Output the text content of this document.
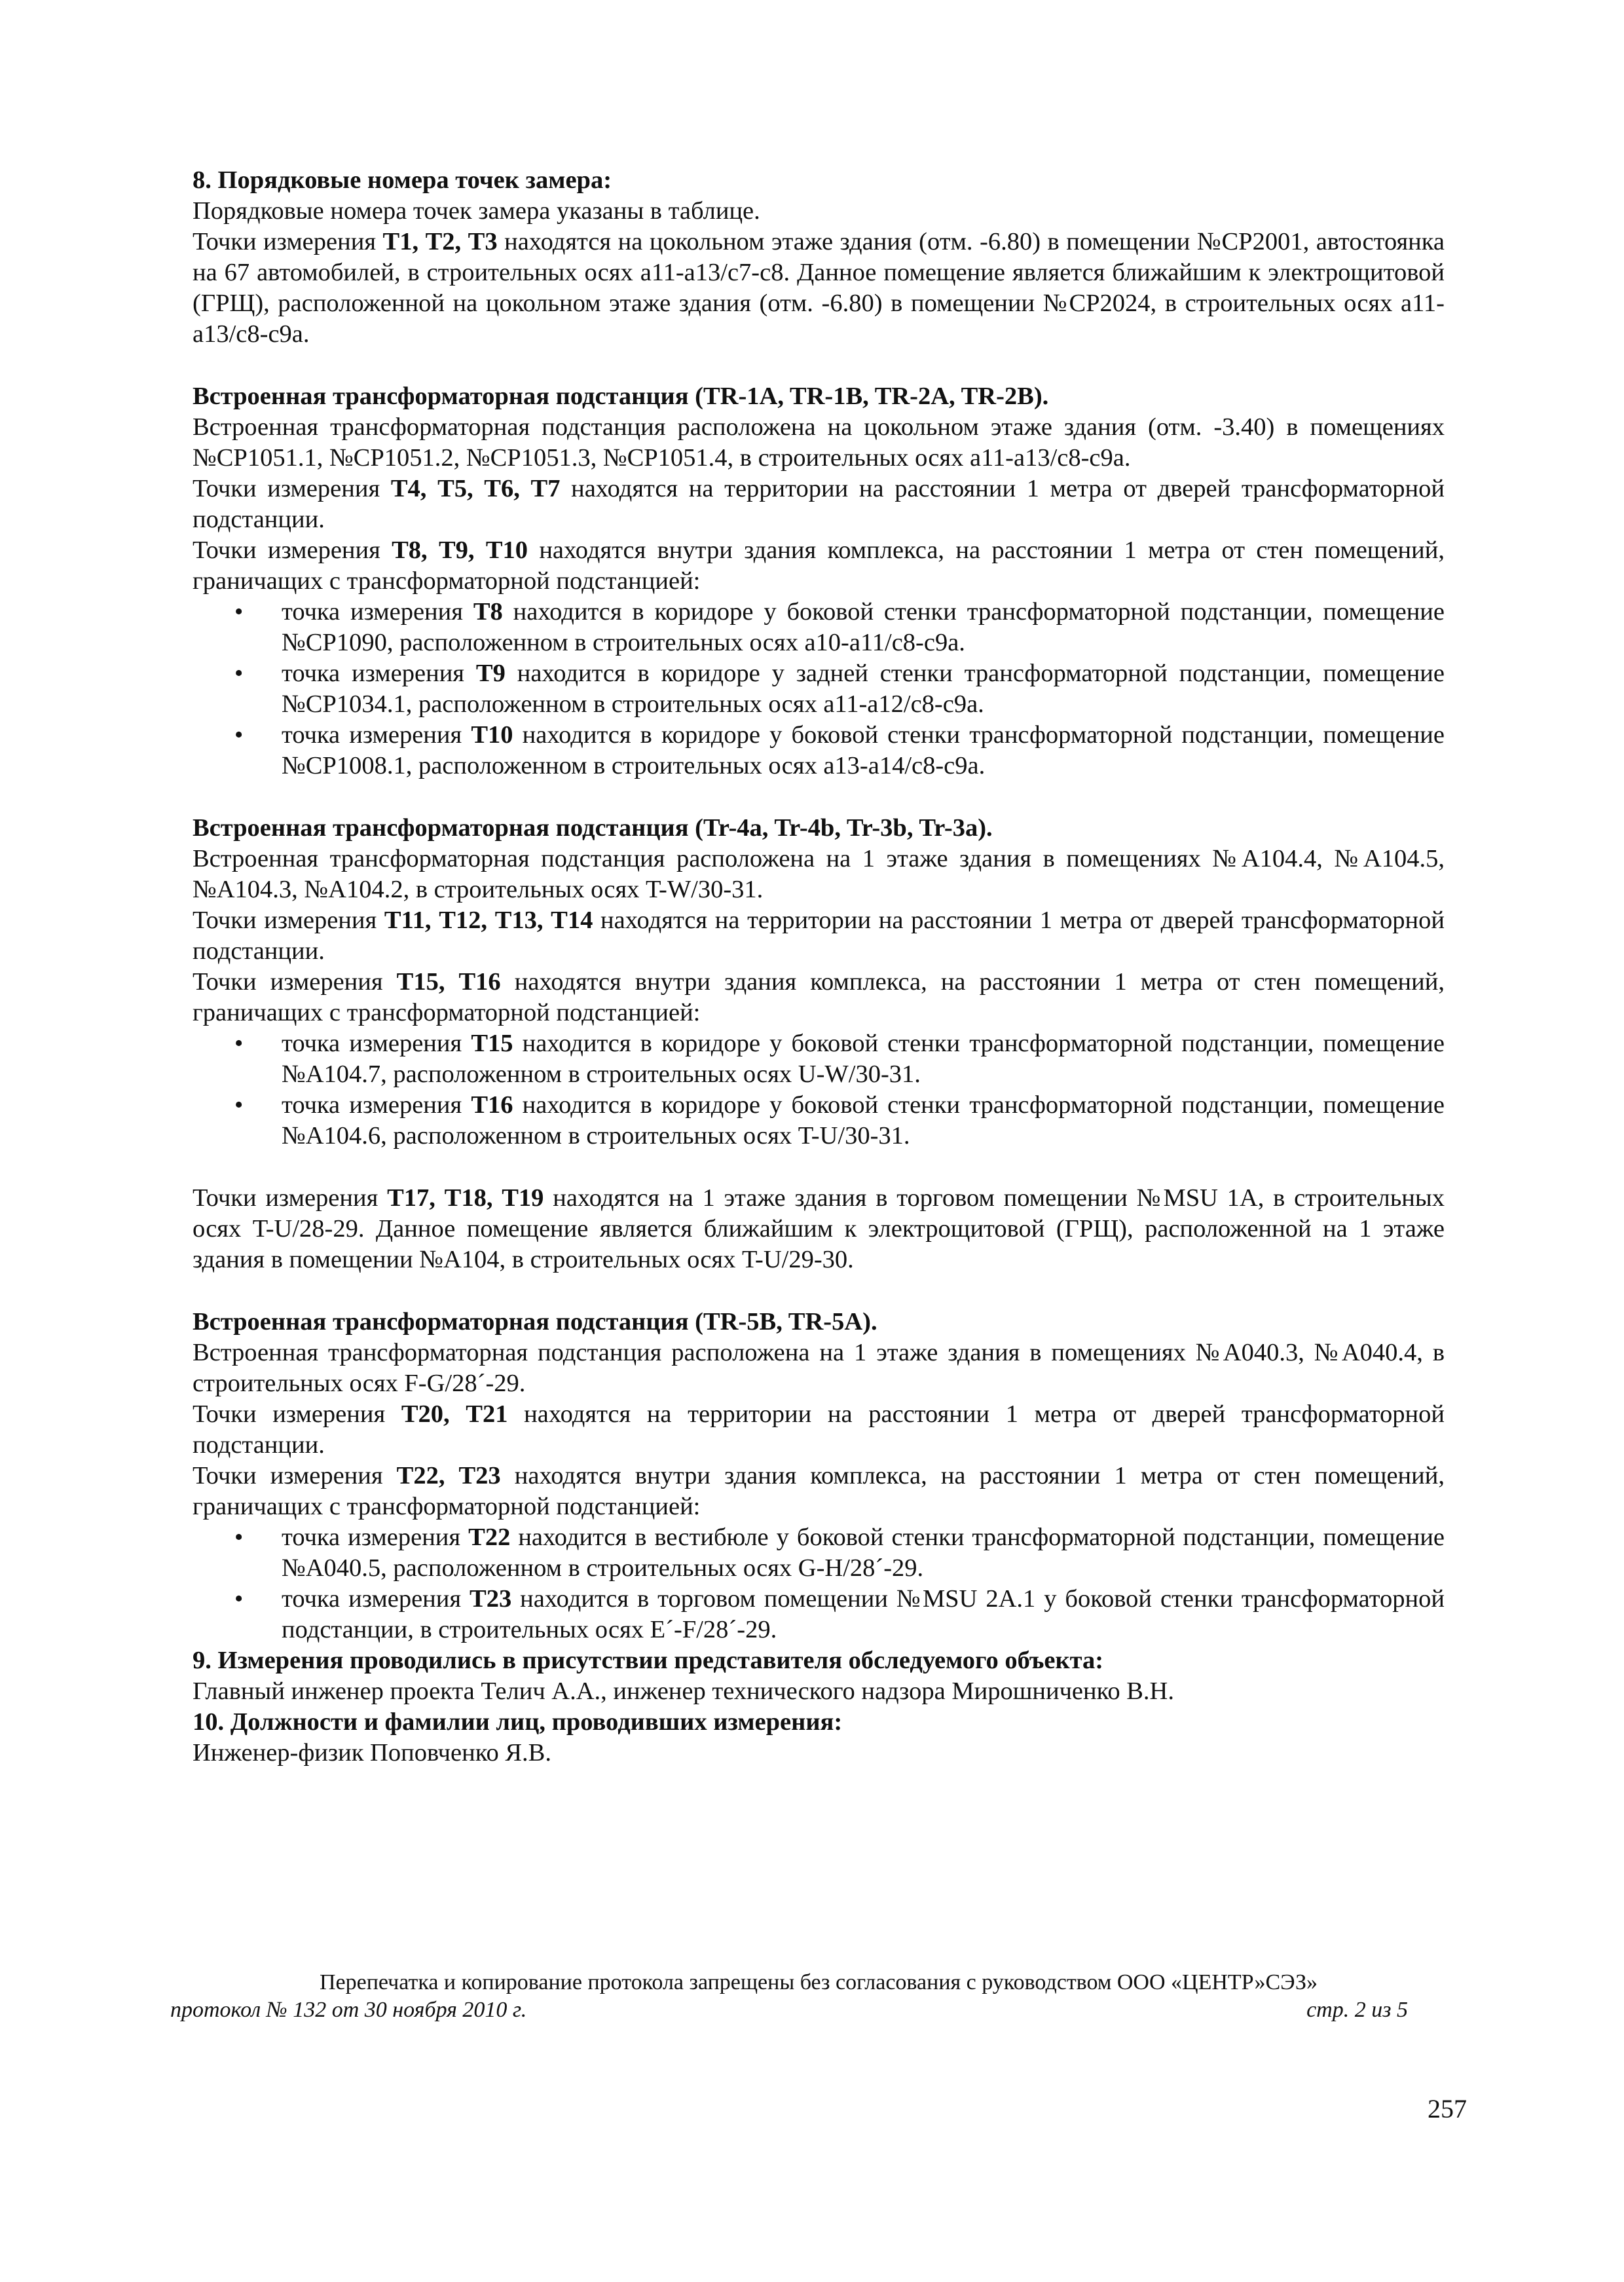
8. Порядковые номера точек замера:

Порядковые номера точек замера указаны в таблице.

Точки измерения Т1, Т2, Т3 находятся на цокольном этаже здания (отм. -6.80) в помещении №СР2001, автостоянка на 67 автомобилей, в строительных осях а11-а13/с7-с8. Данное помещение является ближайшим к электрощитовой (ГРЩ), расположенной на цокольном этаже здания (отм. -6.80) в помещении №СР2024, в строительных осях а11-а13/с8-с9а.

Встроенная трансформаторная подстанция (TR-1A, TR-1B, TR-2A, TR-2B).

Встроенная трансформаторная подстанция расположена на цокольном этаже здания (отм. -3.40) в помещениях №СР1051.1, №СР1051.2, №СР1051.3, №СР1051.4, в строительных осях а11-а13/с8-с9а.

Точки измерения Т4, Т5, Т6, Т7 находятся на территории на расстоянии 1 метра от дверей трансформаторной подстанции.

Точки измерения Т8, Т9, Т10 находятся внутри здания комплекса, на расстоянии 1 метра от стен помещений, граничащих с трансформаторной подстанцией:

• точка измерения Т8 находится в коридоре у боковой стенки трансформаторной подстанции, помещение №СР1090, расположенном в строительных осях а10-а11/с8-с9а.
• точка измерения Т9 находится в коридоре у задней стенки трансформаторной подстанции, помещение №СР1034.1, расположенном в строительных осях а11-а12/с8-с9а.
• точка измерения Т10 находится в коридоре у боковой стенки трансформаторной подстанции, помещение №СР1008.1, расположенном в строительных осях а13-а14/с8-с9а.

Встроенная трансформаторная подстанция (Tr-4a, Tr-4b, Tr-3b, Tr-3a).

Встроенная трансформаторная подстанция расположена на 1 этаже здания в помещениях №А104.4, №А104.5, №А104.3, №А104.2, в строительных осях T-W/30-31.

Точки измерения Т11, Т12, Т13, Т14 находятся на территории на расстоянии 1 метра от дверей трансформаторной подстанции.

Точки измерения Т15, Т16 находятся внутри здания комплекса, на расстоянии 1 метра от стен помещений, граничащих с трансформаторной подстанцией:

• точка измерения Т15 находится в коридоре у боковой стенки трансформаторной подстанции, помещение №А104.7, расположенном в строительных осях U-W/30-31.
• точка измерения Т16 находится в коридоре у боковой стенки трансформаторной подстанции, помещение №А104.6, расположенном в строительных осях T-U/30-31.

Точки измерения Т17, Т18, Т19 находятся на 1 этаже здания в торговом помещении №MSU 1A, в строительных осях T-U/28-29. Данное помещение является ближайшим к электрощитовой (ГРЩ), расположенной на 1 этаже здания в помещении №А104, в строительных осях T-U/29-30.

Встроенная трансформаторная подстанция (TR-5B, TR-5A).

Встроенная трансформаторная подстанция расположена на 1 этаже здания в помещениях №А040.3, №А040.4, в строительных осях F-G/28´-29.

Точки измерения Т20, Т21 находятся на территории на расстоянии 1 метра от дверей трансформаторной подстанции.

Точки измерения Т22, Т23 находятся внутри здания комплекса, на расстоянии 1 метра от стен помещений, граничащих с трансформаторной подстанцией:

• точка измерения Т22 находится в вестибюле у боковой стенки трансформаторной подстанции, помещение №А040.5, расположенном в строительных осях G-H/28´-29.
• точка измерения Т23 находится в торговом помещении №MSU 2A.1 у боковой стенки трансформаторной подстанции, в строительных осях E´-F/28´-29.

9. Измерения проводились в присутствии представителя обследуемого объекта:

Главный инженер проекта Телич А.А., инженер технического надзора Мирошниченко В.Н.

10. Должности и фамилии лиц, проводивших измерения:

Инженер-физик Поповченко Я.В.

Перепечатка и копирование протокола запрещены без согласования с руководством ООО «ЦЕНТР»СЭЗ»
протокол № 132 от 30 ноября 2010 г.	стр. 2 из 5
257
